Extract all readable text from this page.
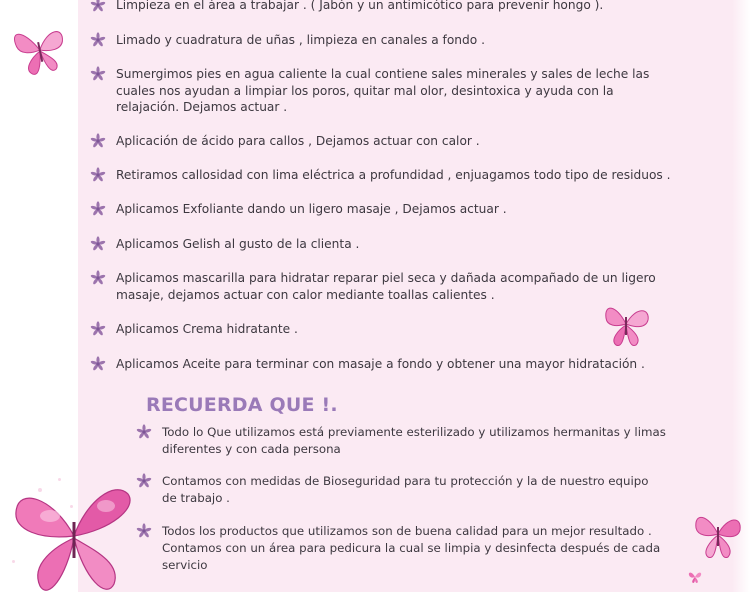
Limpieza en el área a trabajar . ( Jabón y un antimicótico para prevenir hongo ).
Limado y cuadratura de uñas , limpieza en canales a fondo .
Sumergimos pies en agua caliente la cual contiene sales minerales y sales de leche las cuales nos ayudan a limpiar los poros, quitar mal olor, desintoxica y ayuda con la relajación. Dejamos actuar .
Aplicación de ácido para callos , Dejamos actuar con calor .
Retiramos callosidad con lima eléctrica a profundidad , enjuagamos todo tipo de residuos .
Aplicamos Exfoliante dando un ligero masaje , Dejamos actuar .
Aplicamos Gelish al gusto de la clienta .
Aplicamos mascarilla para hidratar reparar piel seca y dañada acompañado de un ligero masaje, dejamos actuar con calor mediante toallas calientes .
Aplicamos Crema hidratante .
Aplicamos Aceite para terminar con masaje a fondo y obtener una mayor hidratación .
RECUERDA QUE !.
Todo lo Que utilizamos está previamente esterilizado y utilizamos hermanitas y limas diferentes y con cada persona
Contamos con medidas de Bioseguridad para tu protección y la de nuestro equipo de trabajo .
Todos los productos que utilizamos son de buena calidad para un mejor resultado . Contamos con un área para pedicura la cual se limpia y desinfecta después de cada servicio
